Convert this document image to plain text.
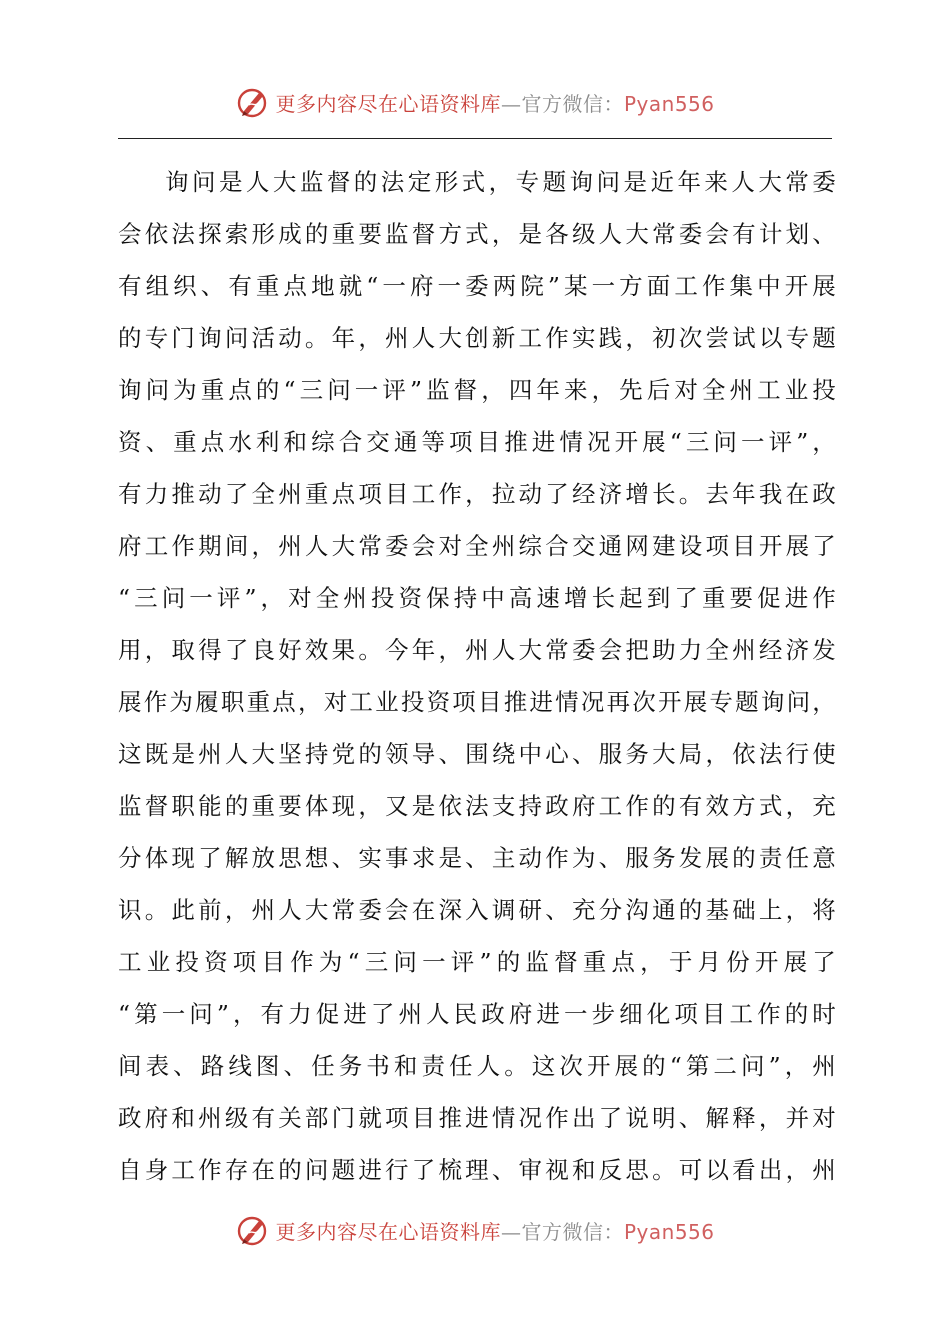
更多内容尽在心语资料库—官方微信：Pyan556
询问是人大监督的法定形式，专题询问是近年来人大常委
会依法探索形成的重要监督方式，是各级人大常委会有计划、
有组织、有重点地就“一府一委两院”某一方面工作集中开展
的专门询问活动。年，州人大创新工作实践，初次尝试以专题
询问为重点的“三问一评”监督，四年来，先后对全州工业投
资、重点水利和综合交通等项目推进情况开展“三问一评”，
有力推动了全州重点项目工作，拉动了经济增长。去年我在政
府工作期间，州人大常委会对全州综合交通网建设项目开展了
“三问一评”，对全州投资保持中高速增长起到了重要促进作
用，取得了良好效果。今年，州人大常委会把助力全州经济发
展作为履职重点，对工业投资项目推进情况再次开展专题询问，
这既是州人大坚持党的领导、围绕中心、服务大局，依法行使
监督职能的重要体现，又是依法支持政府工作的有效方式，充
分体现了解放思想、实事求是、主动作为、服务发展的责任意
识。此前，州人大常委会在深入调研、充分沟通的基础上，将
工业投资项目作为“三问一评”的监督重点，于月份开展了
“第一问”，有力促进了州人民政府进一步细化项目工作的时
间表、路线图、任务书和责任人。这次开展的“第二问”，州
政府和州级有关部门就项目推进情况作出了说明、解释，并对
自身工作存在的问题进行了梳理、审视和反思。可以看出，州
更多内容尽在心语资料库—官方微信：Pyan556
